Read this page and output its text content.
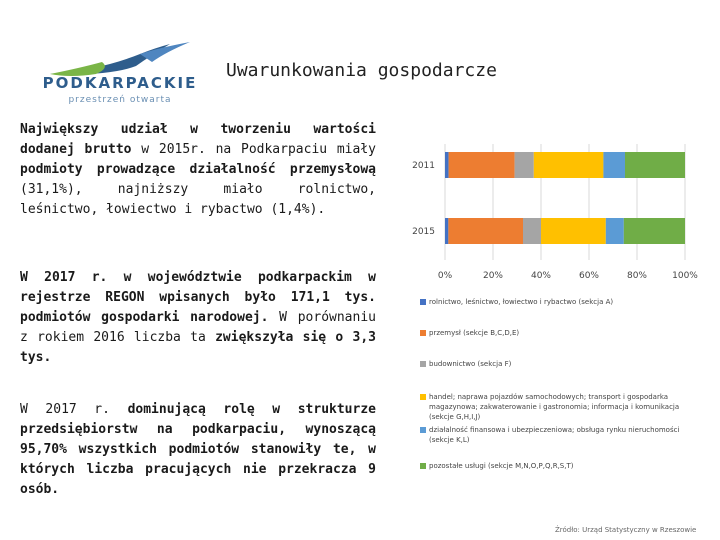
PODKARPACKIE
przestrzeń otwarta
Uwarunkowania gospodarcze
Największy udział w tworzeniu wartości dodanej brutto w 2015r. na Podkarpaciu miały podmioty prowadzące działalność przemysłową (31,1%), najniższy miało rolnictwo, leśnictwo, łowiectwo i rybactwo (1,4%).
W 2017 r. w województwie podkarpackim w rejestrze REGON wpisanych było 171,1 tys. podmiotów gospodarki narodowej. W porównaniu z rokiem 2016 liczba ta zwiększyła się o 3,3 tys.
W 2017 r. dominującą rolę w strukturze przedsiębiorstw na podkarpaciu, wynoszącą 95,70% wszystkich podmiotów stanowiły te, w których liczba pracujących nie przekracza 9 osób.
0%	20%	40%	60%	80%	100%
2011
2015
rolnictwo, leśnictwo, łowiectwo i rybactwo (sekcja A)
przemysł (sekcje B,C,D,E)
budownictwo (sekcja F)
handel; naprawa pojazdów samochodowych; transport i gospodarka magazynowa; zakwaterowanie i gastronomia; informacja i komunikacja (sekcje G,H,I,J)
działalność finansowa i ubezpieczeniowa; obsługa rynku nieruchomości (sekcje K,L)
pozostałe usługi (sekcje M,N,O,P,Q,R,S,T)
Źródło: Urząd Statystyczny w Rzeszowie
